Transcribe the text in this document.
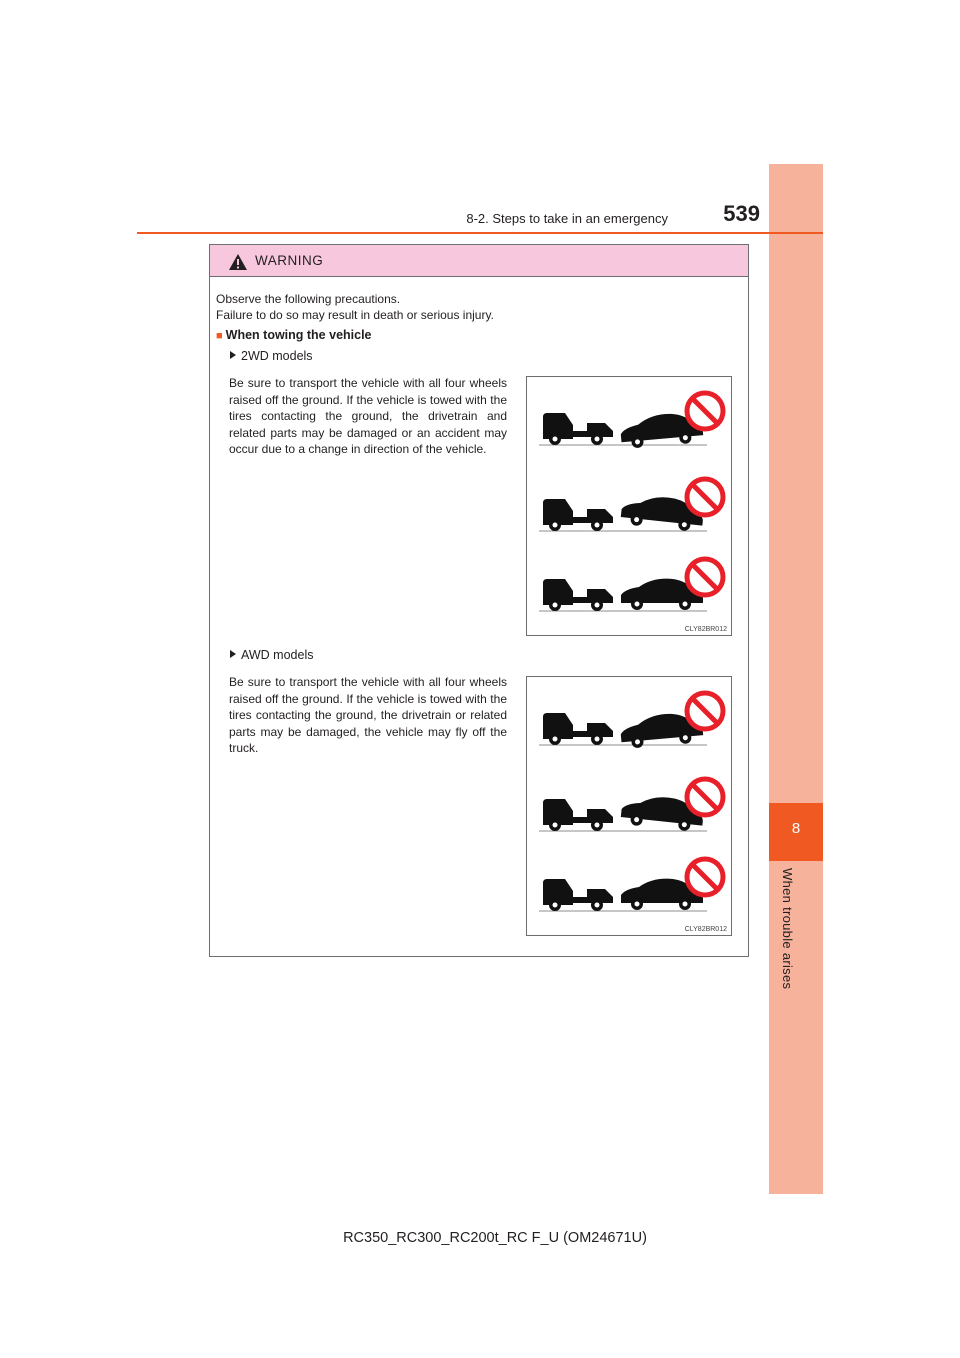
8
When trouble arises
8-2. Steps to take in an emergency	539
WARNING
Observe the following precautions.
Failure to do so may result in death or serious injury.
■ When towing the vehicle
2WD models
Be sure to transport the vehicle with all four wheels raised off the ground. If the vehicle is towed with the tires contacting the ground, the drivetrain and related parts may be damaged or an accident may occur due to a change in direction of the vehicle.
CLY82BR012
AWD models
Be sure to transport the vehicle with all four wheels raised off the ground. If the vehicle is towed with the tires contacting the ground, the drivetrain or related parts may be damaged, the vehicle may fly off the truck.
CLY82BR012
RC350_RC300_RC200t_RC F_U (OM24671U)
